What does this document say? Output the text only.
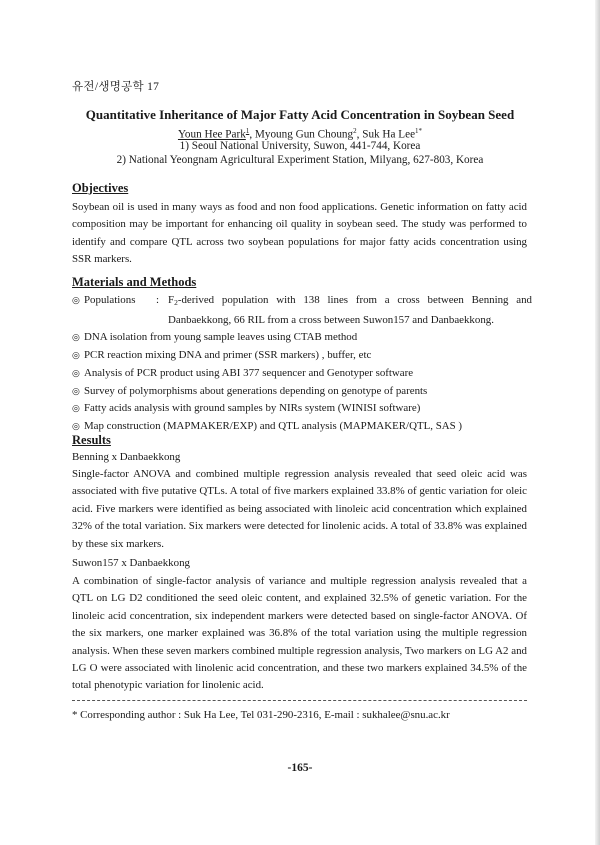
유전/생명공학 17
Quantitative Inheritance of Major Fatty Acid Concentration in Soybean Seed
Youn Hee Park$^1$, Myoung Gun Choung$^2$, Suk Ha Lee$^{1*}$
1) Seoul National University, Suwon, 441-744, Korea
2) National Yeongnam Agricultural Experiment Station, Milyang, 627-803, Korea
Objectives

Soybean oil is used in many ways as food and non food applications. Genetic information on fatty acid composition may be important for enhancing oil quality in soybean seed. The study was performed to identify and compare QTL across two soybean populations for major fatty acids concentration using SSR markers.

Materials and Methods
◎ Populations	: $F_2$-derived population with 138 lines from a cross between Benning and Danbaekkong, 66 RIL from a cross between Suwon157 and Danbaekkong.
◎ DNA isolation from young sample leaves using CTAB method
◎ PCR reaction mixing DNA and primer (SSR markers) , buffer, etc
◎ Analysis of PCR product using ABI 377 sequencer and Genotyper software
◎ Survey of polymorphisms about generations depending on genotype of parents
◎ Fatty acids analysis with ground samples by NIRs system (WINISI software)
◎ Map construction (MAPMAKER/EXP) and QTL analysis (MAPMAKER/QTL, SAS )
Results
Benning x Danbaekkong

Single-factor ANOVA and combined multiple regression analysis revealed that seed oleic acid was associated with five putative QTLs. A total of five markers explained 33.8% of gentic variation for oleic acid. Five markers were identified as being associated with linoleic acid concentration which explained 32% of the total variation. Six markers were detected for linolenic acids. A total of 33.8% was explained by these six markers.

Suwon157 x Danbaekkong

A combination of single-factor analysis of variance and multiple regression analysis revealed that a QTL on LG D2 conditioned the seed oleic content, and explained 32.5% of genetic variation. For the linoleic acid concentration, six independent markers were detected based on single-factor ANOVA. Of the six markers, one marker explained was 36.8% of the total variation using the multiple regression analysis. When these seven markers combined multiple regression analysis, Two markers on LG A2 and LG O were associated with linolenic acid concentration, and these two markers explained 34.5% of the total phenotypic variation for linolenic acid.

* Corresponding author : Suk Ha Lee, Tel 031-290-2316, E-mail : sukhalee@snu.ac.kr
-165-
